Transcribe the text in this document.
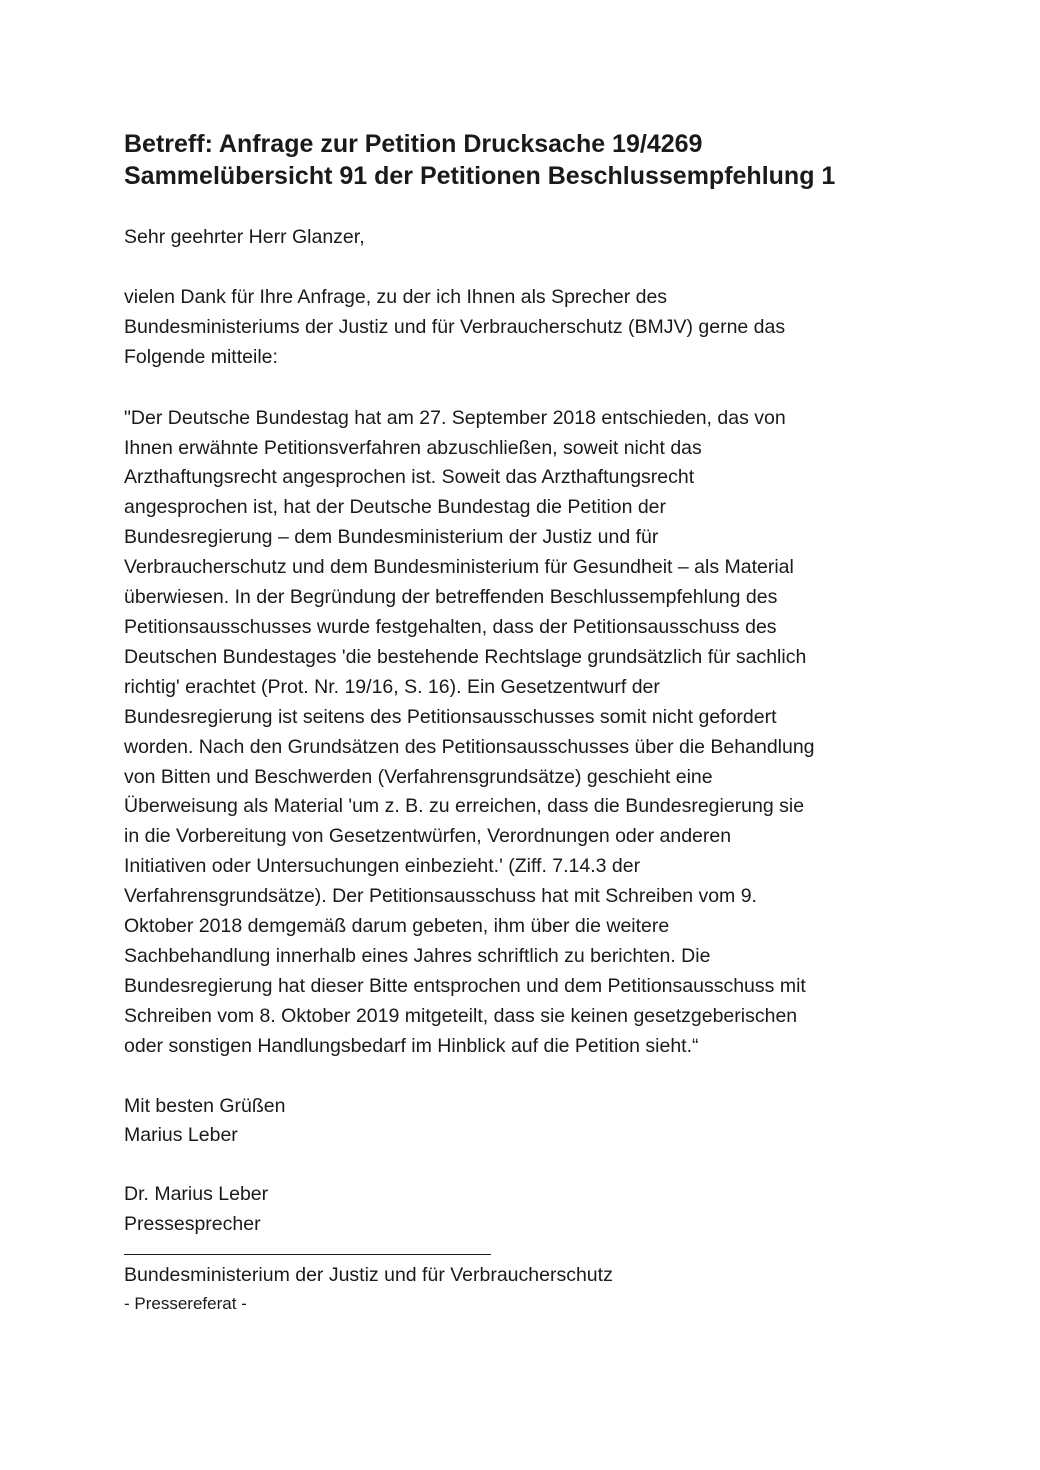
Betreff: Anfrage zur Petition Drucksache 19/4269
Sammelübersicht 91 der Petitionen Beschlussempfehlung 1
Sehr geehrter Herr Glanzer,
vielen Dank für Ihre Anfrage, zu der ich Ihnen als Sprecher des
Bundesministeriums der Justiz und für Verbraucherschutz (BMJV) gerne das
Folgende mitteile:
"Der Deutsche Bundestag hat am 27. September 2018 entschieden, das von
Ihnen erwähnte Petitionsverfahren abzuschließen, soweit nicht das
Arzthaftungsrecht angesprochen ist. Soweit das Arzthaftungsrecht
angesprochen ist, hat der Deutsche Bundestag die Petition der
Bundesregierung – dem Bundesministerium der Justiz und für
Verbraucherschutz und dem Bundesministerium für Gesundheit – als Material
überwiesen. In der Begründung der betreffenden Beschlussempfehlung des
Petitionsausschusses wurde festgehalten, dass der Petitionsausschuss des
Deutschen Bundestages 'die bestehende Rechtslage grundsätzlich für sachlich
richtig' erachtet (Prot. Nr. 19/16, S. 16). Ein Gesetzentwurf der
Bundesregierung ist seitens des Petitionsausschusses somit nicht gefordert
worden. Nach den Grundsätzen des Petitionsausschusses über die Behandlung
von Bitten und Beschwerden (Verfahrensgrundsätze) geschieht eine
Überweisung als Material 'um z. B. zu erreichen, dass die Bundesregierung sie
in die Vorbereitung von Gesetzentwürfen, Verordnungen oder anderen
Initiativen oder Untersuchungen einbezieht.' (Ziff. 7.14.3 der
Verfahrensgrundsätze). Der Petitionsausschuss hat mit Schreiben vom 9.
Oktober 2018 demgemäß darum gebeten, ihm über die weitere
Sachbehandlung innerhalb eines Jahres schriftlich zu berichten. Die
Bundesregierung hat dieser Bitte entsprochen und dem Petitionsausschuss mit
Schreiben vom 8. Oktober 2019 mitgeteilt, dass sie keinen gesetzgeberischen
oder sonstigen Handlungsbedarf im Hinblick auf die Petition sieht.“
Mit besten Grüßen
Marius Leber
Dr. Marius Leber
Pressesprecher
Bundesministerium der Justiz und für Verbraucherschutz
- Pressereferat -
